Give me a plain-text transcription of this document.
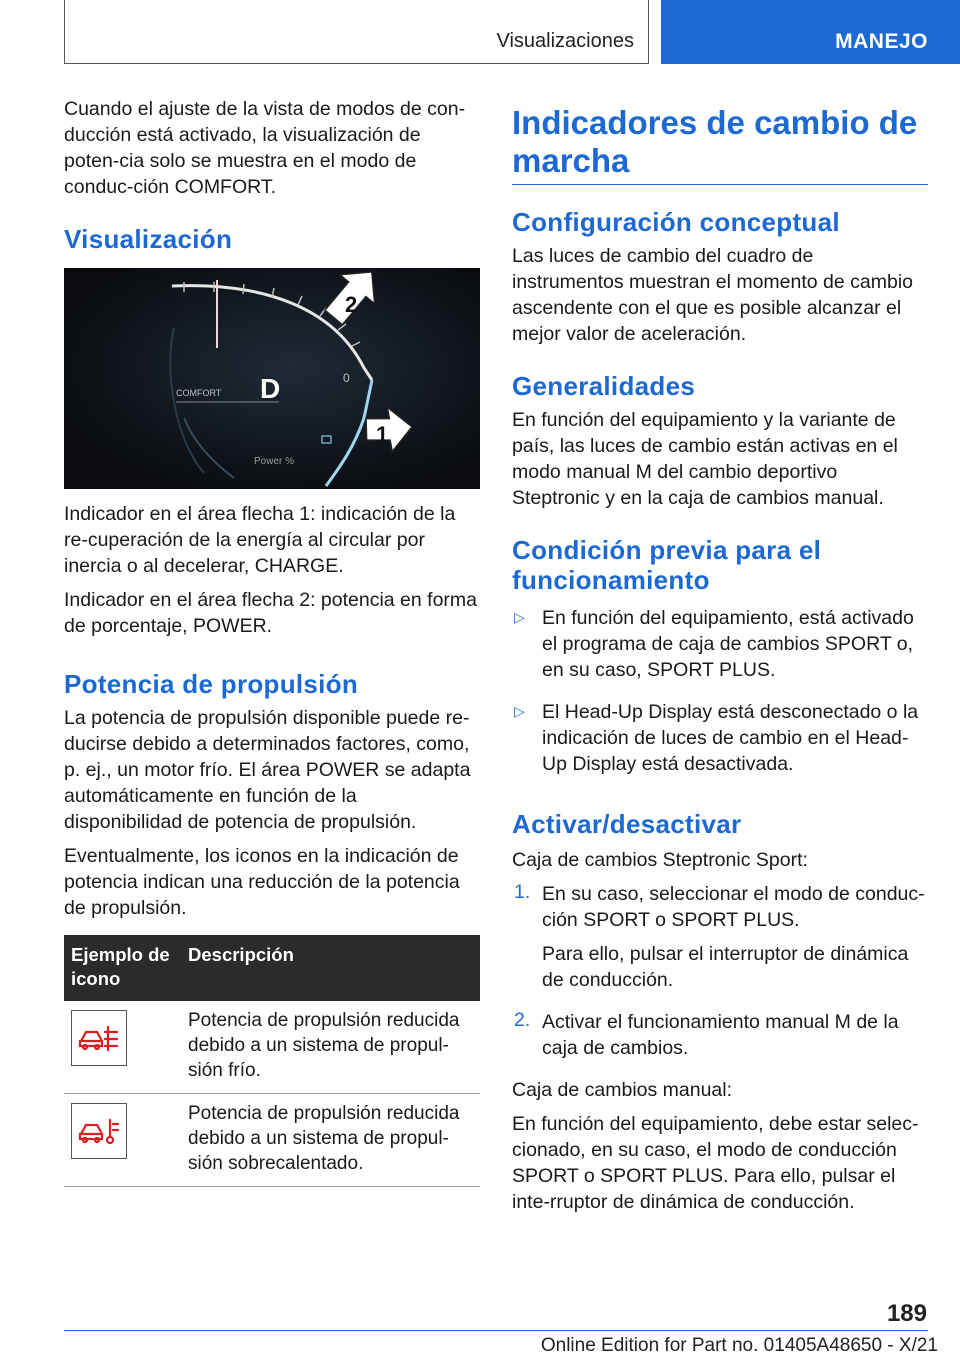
Visualizaciones	MANEJO

Cuando el ajuste de la vista de modos de con-ducción está activado, la visualización de poten-cia solo se muestra en el modo de conduc-ción COMFORT.

Visualización
COMFORT D	0
Power %
2
1

Indicador en el área flecha 1: indicación de la re-cuperación de la energía al circular por inercia o al decelerar, CHARGE.

Indicador en el área flecha 2: potencia en forma de porcentaje, POWER.

Potencia de propulsión

La potencia de propulsión disponible puede re-ducirse debido a determinados factores, como, p. ej., un motor frío. El área POWER se adapta automáticamente en función de la disponibilidad de potencia de propulsión.

Eventualmente, los iconos en la indicación de potencia indican una reducción de la potencia de propulsión.

Ejemplo de icono	Descripción

	Potencia de propulsión reducida debido a un sistema de propul-sión frío.

	Potencia de propulsión reducida debido a un sistema de propul-sión sobrecalentado.
Indicadores de cambio de marcha
Configuración conceptual

Las luces de cambio del cuadro de instrumentos muestran el momento de cambio ascendente con el que es posible alcanzar el mejor valor de aceleración.

Generalidades

En función del equipamiento y la variante de país, las luces de cambio están activas en el modo manual M del cambio deportivo Steptronic y en la caja de cambios manual.

Condición previa para el funcionamiento
▷ En función del equipamiento, está activado el programa de caja de cambios SPORT o, en su caso, SPORT PLUS.

▷ El Head-Up Display está desconectado o la indicación de luces de cambio en el Head-Up Display está desactivada.

Activar/desactivar

Caja de cambios Steptronic Sport:

1. En su caso, seleccionar el modo de conduc-ción SPORT o SPORT PLUS.

Para ello, pulsar el interruptor de dinámica de conducción.

2. Activar el funcionamiento manual M de la caja de cambios.

Caja de cambios manual:

En función del equipamiento, debe estar selec-cionado, en su caso, el modo de conducción SPORT o SPORT PLUS. Para ello, pulsar el inte-rruptor de dinámica de conducción.

189
Online Edition for Part no. 01405A48650 - X/21
